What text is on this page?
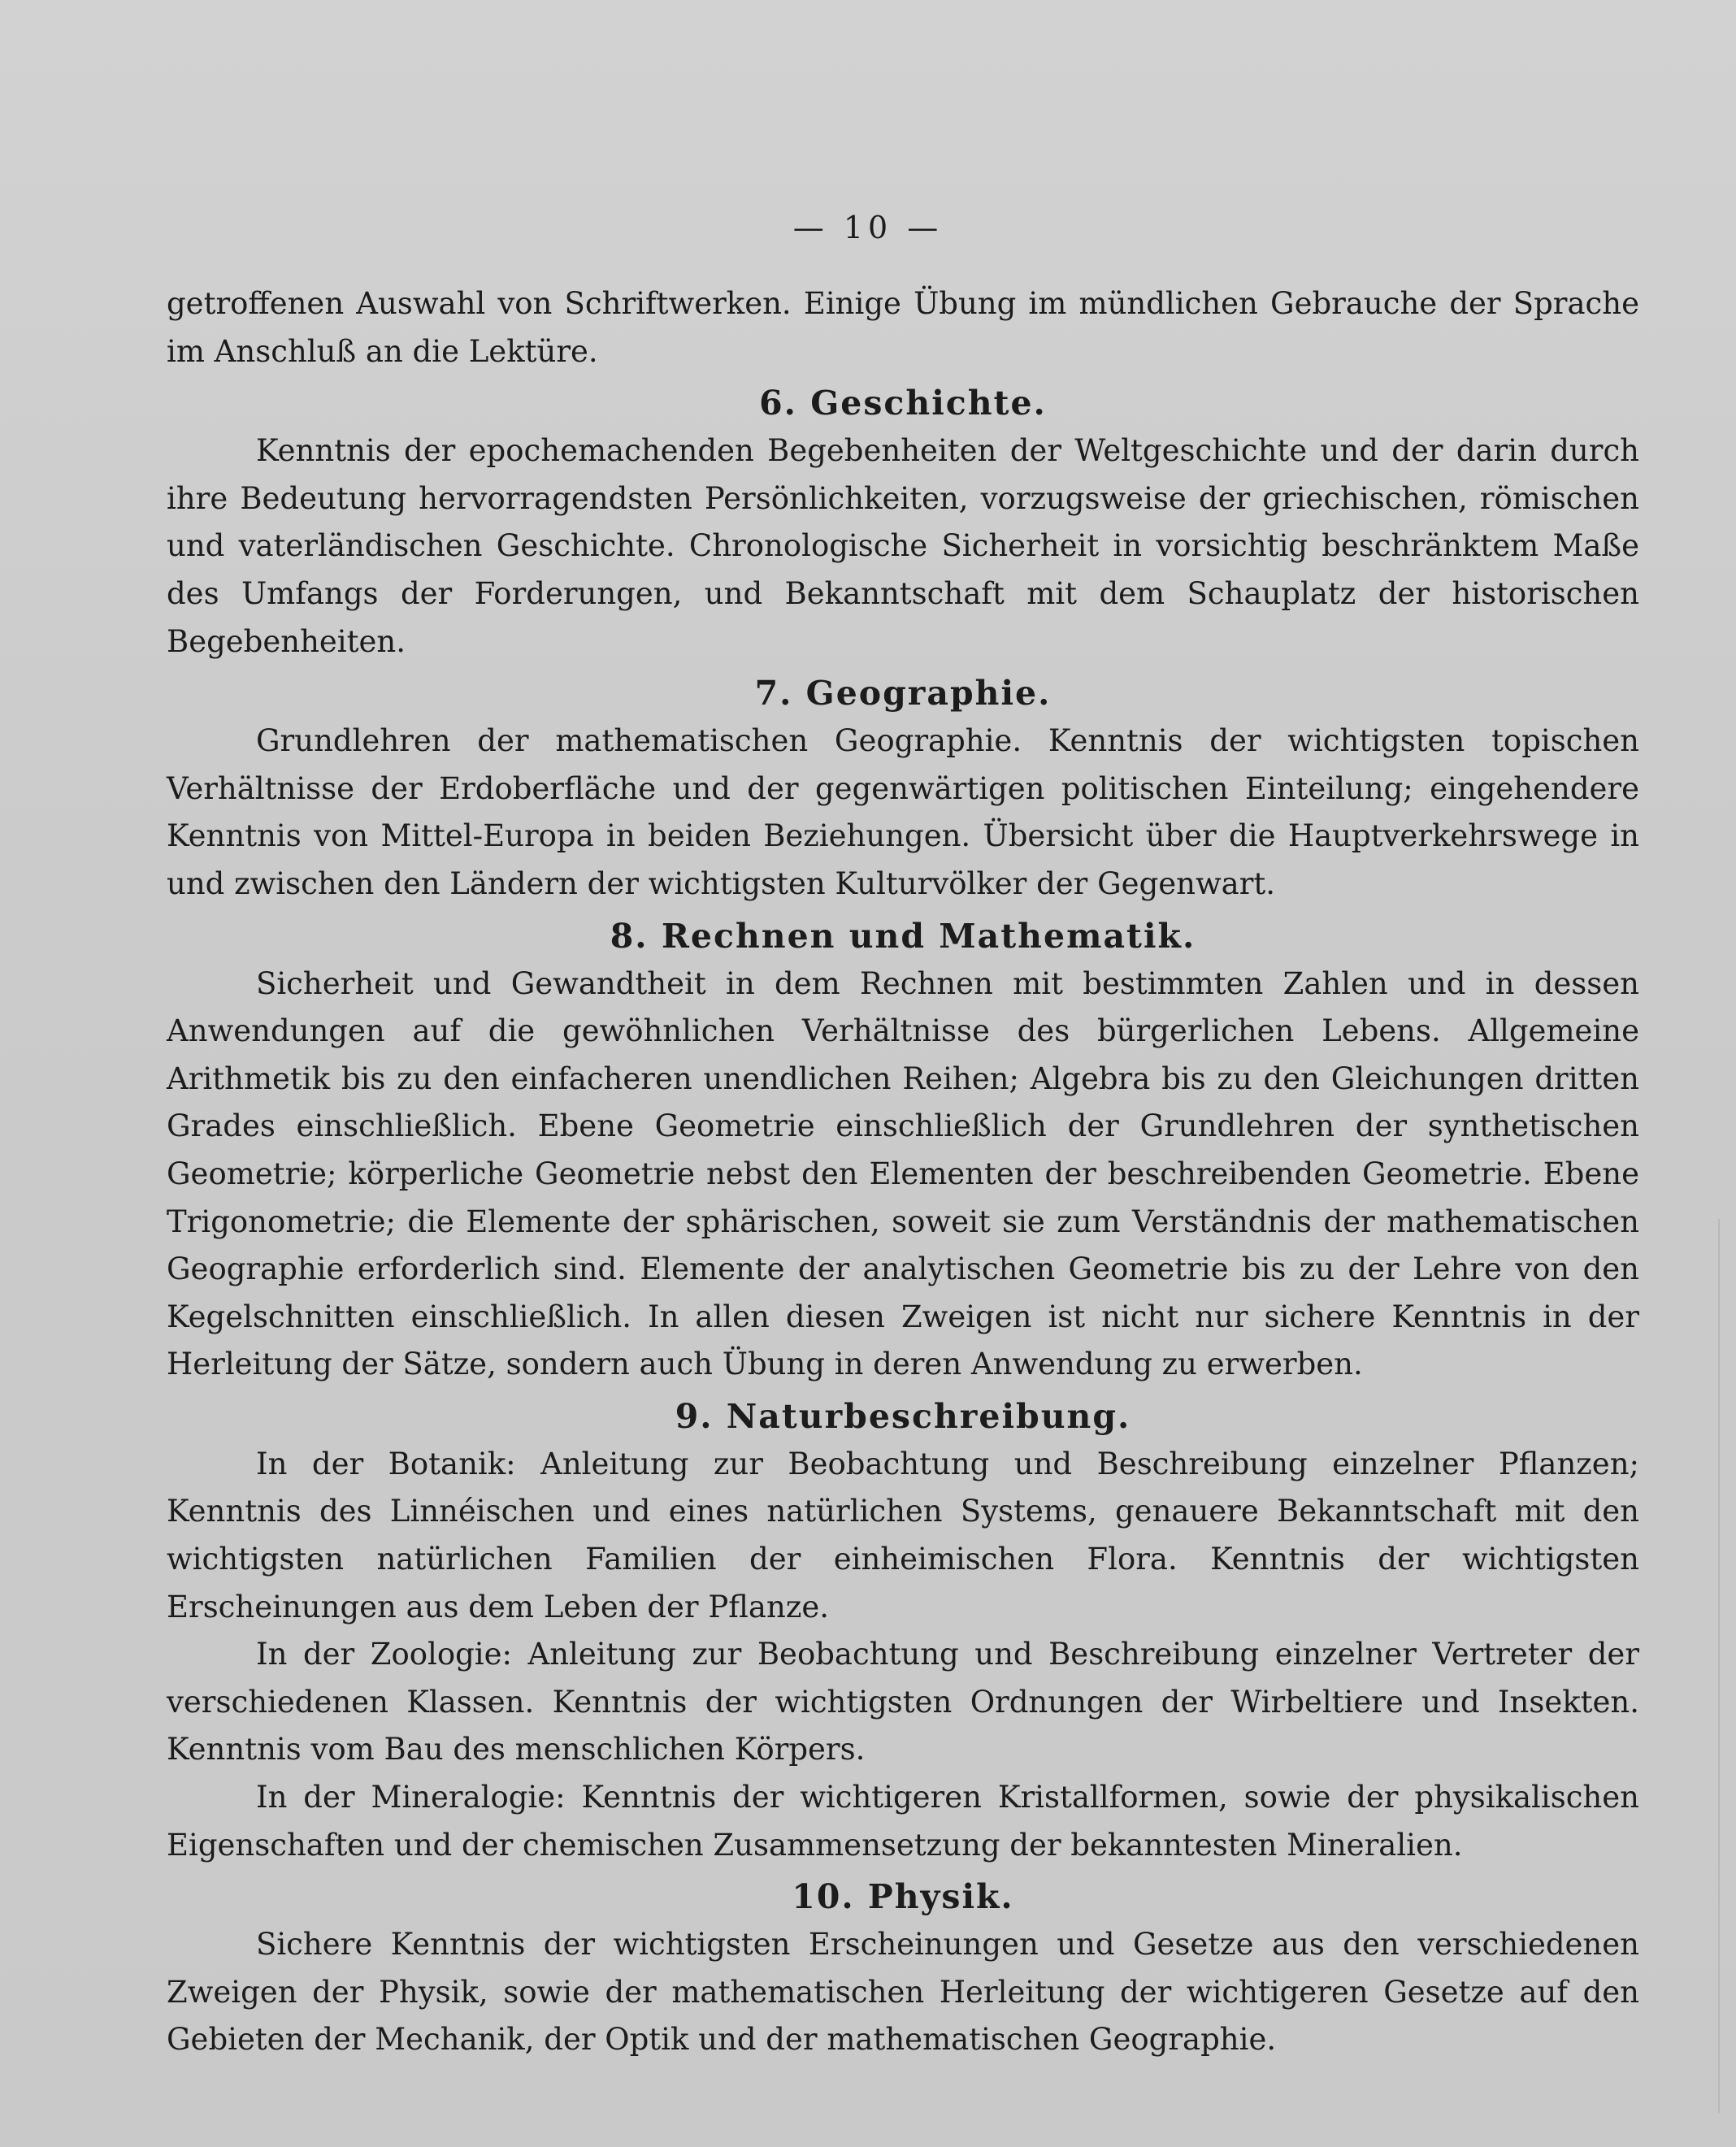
— 10 —

getroffenen Auswahl von Schriftwerken. Einige Übung im mündlichen Gebrauche der Sprache im Anschluß an die Lektüre.

6. Geschichte.

Kenntnis der epochemachenden Begebenheiten der Weltgeschichte und der darin durch ihre Bedeutung hervorragendsten Persönlichkeiten, vorzugsweise der griechischen, römischen und vaterländischen Geschichte. Chronologische Sicherheit in vorsichtig beschränktem Maße des Umfangs der Forderungen, und Bekanntschaft mit dem Schauplatz der historischen Begebenheiten.

7. Geographie.

Grundlehren der mathematischen Geographie. Kenntnis der wichtigsten topischen Verhältnisse der Erdoberfläche und der gegenwärtigen politischen Einteilung; eingehendere Kenntnis von Mittel-Europa in beiden Beziehungen. Übersicht über die Hauptverkehrswege in und zwischen den Ländern der wichtigsten Kulturvölker der Gegenwart.

8. Rechnen und Mathematik.

Sicherheit und Gewandtheit in dem Rechnen mit bestimmten Zahlen und in dessen Anwendungen auf die gewöhnlichen Verhältnisse des bürgerlichen Lebens. Allgemeine Arithmetik bis zu den einfacheren unendlichen Reihen; Algebra bis zu den Gleichungen dritten Grades einschließlich. Ebene Geometrie einschließlich der Grundlehren der synthetischen Geometrie; körperliche Geometrie nebst den Elementen der beschreibenden Geometrie. Ebene Trigonometrie; die Elemente der sphärischen, soweit sie zum Verständnis der mathematischen Geographie erforderlich sind. Elemente der analytischen Geometrie bis zu der Lehre von den Kegelschnitten einschließlich. In allen diesen Zweigen ist nicht nur sichere Kenntnis in der Herleitung der Sätze, sondern auch Übung in deren Anwendung zu erwerben.

9. Naturbeschreibung.

In der Botanik: Anleitung zur Beobachtung und Beschreibung einzelner Pflanzen; Kenntnis des Linnéischen und eines natürlichen Systems, genauere Bekanntschaft mit den wichtigsten natürlichen Familien der einheimischen Flora. Kenntnis der wichtigsten Erscheinungen aus dem Leben der Pflanze.

In der Zoologie: Anleitung zur Beobachtung und Beschreibung einzelner Vertreter der verschiedenen Klassen. Kenntnis der wichtigsten Ordnungen der Wirbeltiere und Insekten. Kenntnis vom Bau des menschlichen Körpers.

In der Mineralogie: Kenntnis der wichtigeren Kristallformen, sowie der physikalischen Eigenschaften und der chemischen Zusammensetzung der bekanntesten Mineralien.

10. Physik.

Sichere Kenntnis der wichtigsten Erscheinungen und Gesetze aus den verschiedenen Zweigen der Physik, sowie der mathematischen Herleitung der wichtigeren Gesetze auf den Gebieten der Mechanik, der Optik und der mathematischen Geographie.
